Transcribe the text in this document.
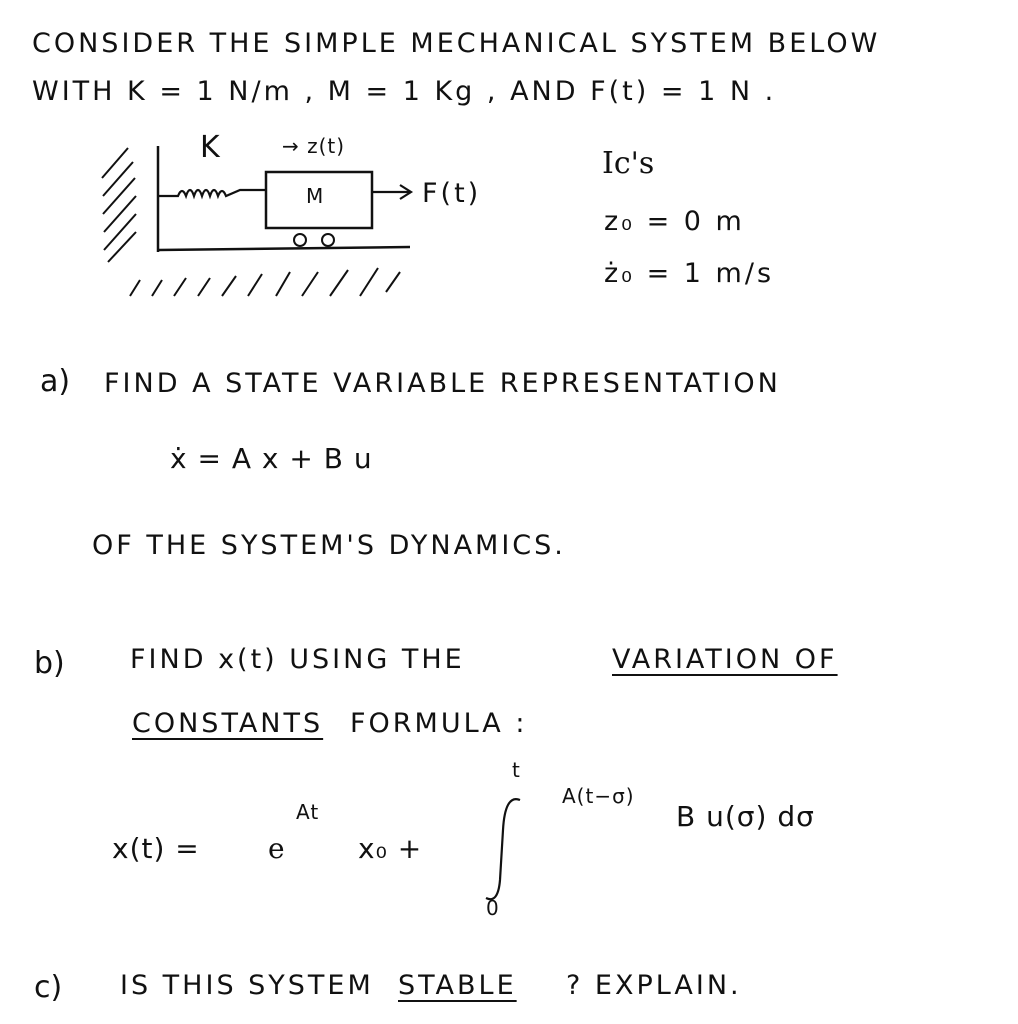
CONSIDER THE SIMPLE MECHANICAL SYSTEM BELOW
WITH K = 1 N/m , M = 1 Kg , AND F(t) = 1 N .
K	→ z(t)
M	F(t)
Ic's
z₀ = 0 m
ż₀ = 1 m/s
a) FIND A STATE VARIABLE REPRESENTATION
ẋ = A x + B u
OF THE SYSTEM'S DYNAMICS.
b) FIND x(t) USING THE	VARIATION OF
CONSTANTS FORMULA :
x(t) = e
At
x₀ +
t
0
A(t−σ)
B u(σ) dσ
c) IS THIS SYSTEM STABLE ? EXPLAIN.
